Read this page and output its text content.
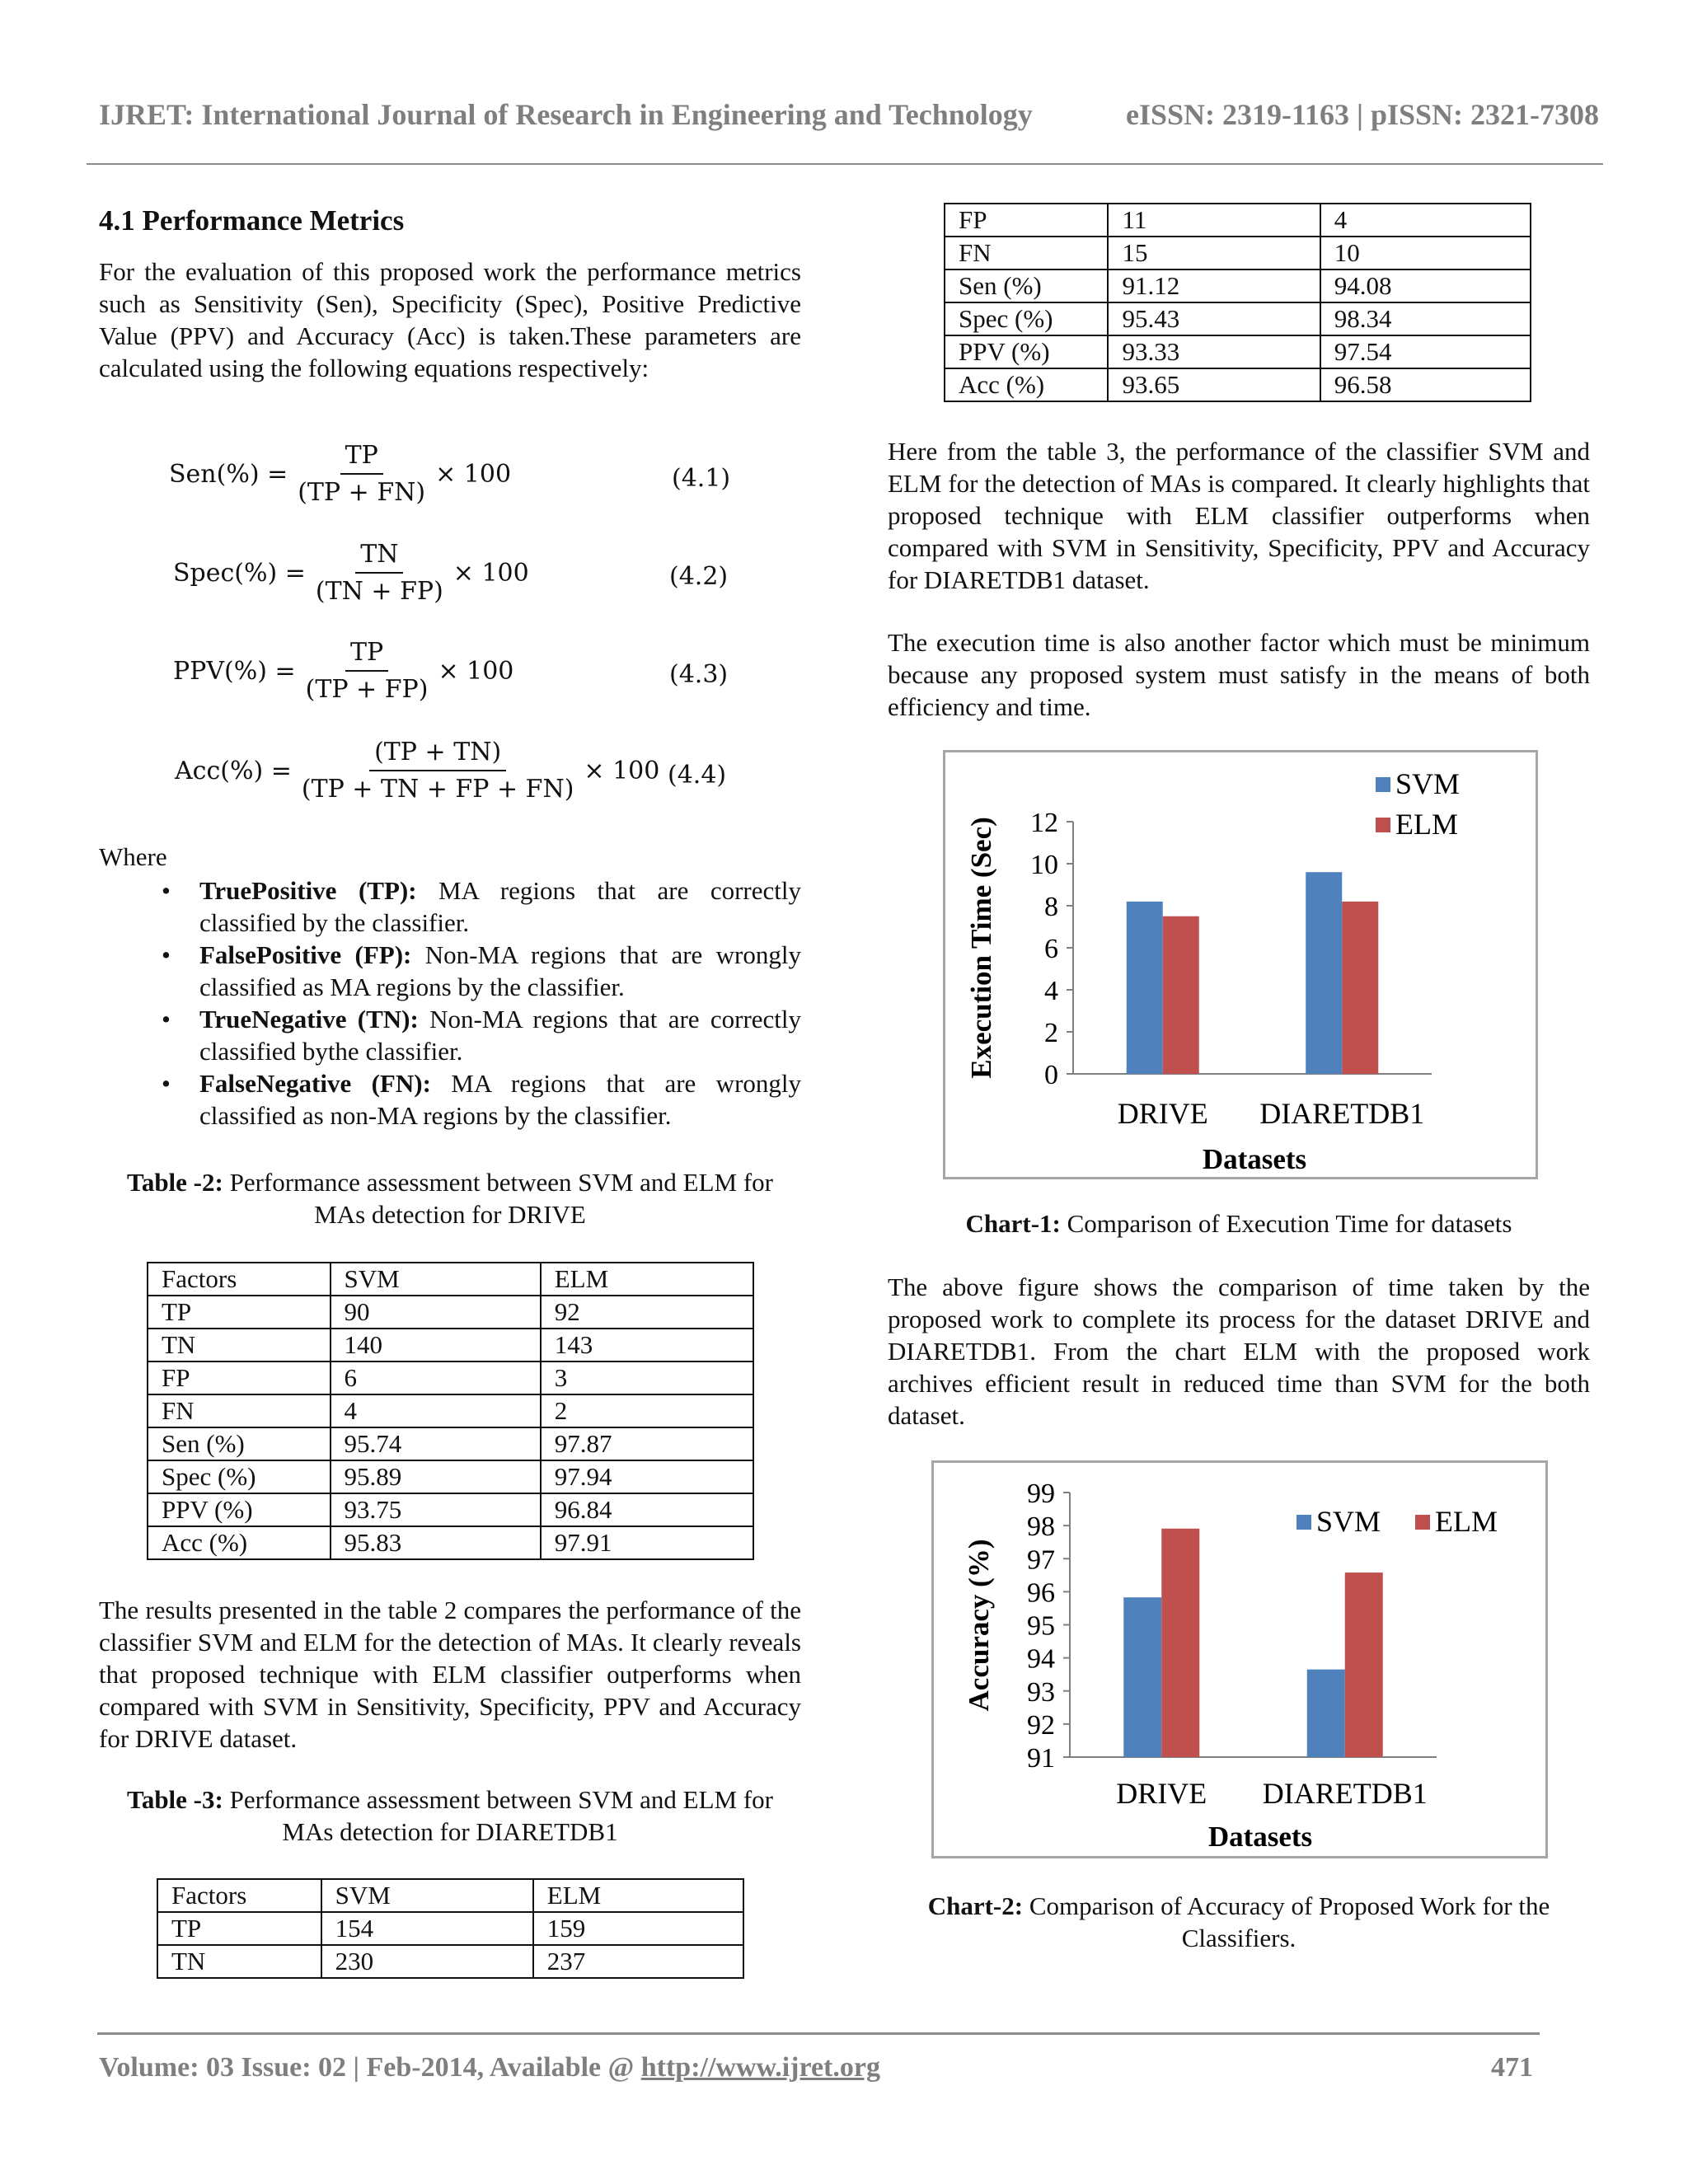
IJRET: International Journal of Research in Engineering and Technology	eISSN: 2319-1163 | pISSN: 2321-7308
4.1 Performance Metrics
For the evaluation of this proposed work the performance metrics such as Sensitivity (Sen), Specificity (Spec), Positive Predictive Value (PPV) and Accuracy (Acc) is taken.These parameters are calculated using the following equations respectively:
$Sen(\%) = \frac{TP}{(TP + FN)} \times 100$	(4.1)
Spec(%) = $\frac{TN}{(TN + FP)} \times 100$	(4.2)
$PPV(\%) = \frac{TP}{(TP + FP)} \times 100$	(4.3)
$Acc(\%) = \frac{(TP + TN)}{(TP + TN + FP + FN)} \times 100$ (4.4)
Where
• TruePositive (TP): MA regions that are correctly classified by the classifier.
• FalsePositive (FP): Non-MA regions that are wrongly classified as MA regions by the classifier.
• TrueNegative (TN): Non-MA regions that are correctly classified bythe classifier.
• FalseNegative (FN): MA regions that are wrongly classified as non-MA regions by the classifier.
Table -2: Performance assessment between SVM and ELM for MAs detection for DRIVE
Factors	SVM	ELM
TP	90	92
TN	140	143
FP	6	3
FN	4	2
Sen (%)	95.74	97.87
Spec (%)	95.89	97.94
PPV (%)	93.75	96.84
Acc (%)	95.83	97.91
The results presented in the table 2 compares the performance of the classifier SVM and ELM for the detection of MAs. It clearly reveals that proposed technique with ELM classifier outperforms when compared with SVM in Sensitivity, Specificity, PPV and Accuracy for DRIVE dataset.
Table -3: Performance assessment between SVM and ELM for MAs detection for DIARETDB1
Factors	SVM	ELM
TP	154	159
TN	230	237
FP	11	4
FN	15	10
Sen (%)	91.12	94.08
Spec (%)	95.43	98.34
PPV (%)	93.33	97.54
Acc (%)	93.65	96.58
Here from the table 3, the performance of the classifier SVM and ELM for the detection of MAs is compared. It clearly highlights that proposed technique with ELM classifier outperforms when compared with SVM in Sensitivity, Specificity, PPV and Accuracy for DIARETDB1 dataset.
The execution time is also another factor which must be minimum because any proposed system must satisfy in the means of both efficiency and time.
0
2
4
6
8
10
12
DRIVE DIARETDB1
Datasets
Execution Time (Sec)
SVM
ELM
Chart-1: Comparison of Execution Time for datasets
The above figure shows the comparison of time taken by the proposed work to complete its process for the dataset DRIVE and DIARETDB1. From the chart ELM with the proposed work archives efficient result in reduced time than SVM for the both dataset.
91
92
93
94
95
96
97
98
99
DRIVE DIARETDB1
Datasets
Accuracy (%)
SVM ELM
Chart-2: Comparison of Accuracy of Proposed Work for the Classifiers.
Volume: 03 Issue: 02 | Feb-2014, Available @ http://www.ijret.org	471
